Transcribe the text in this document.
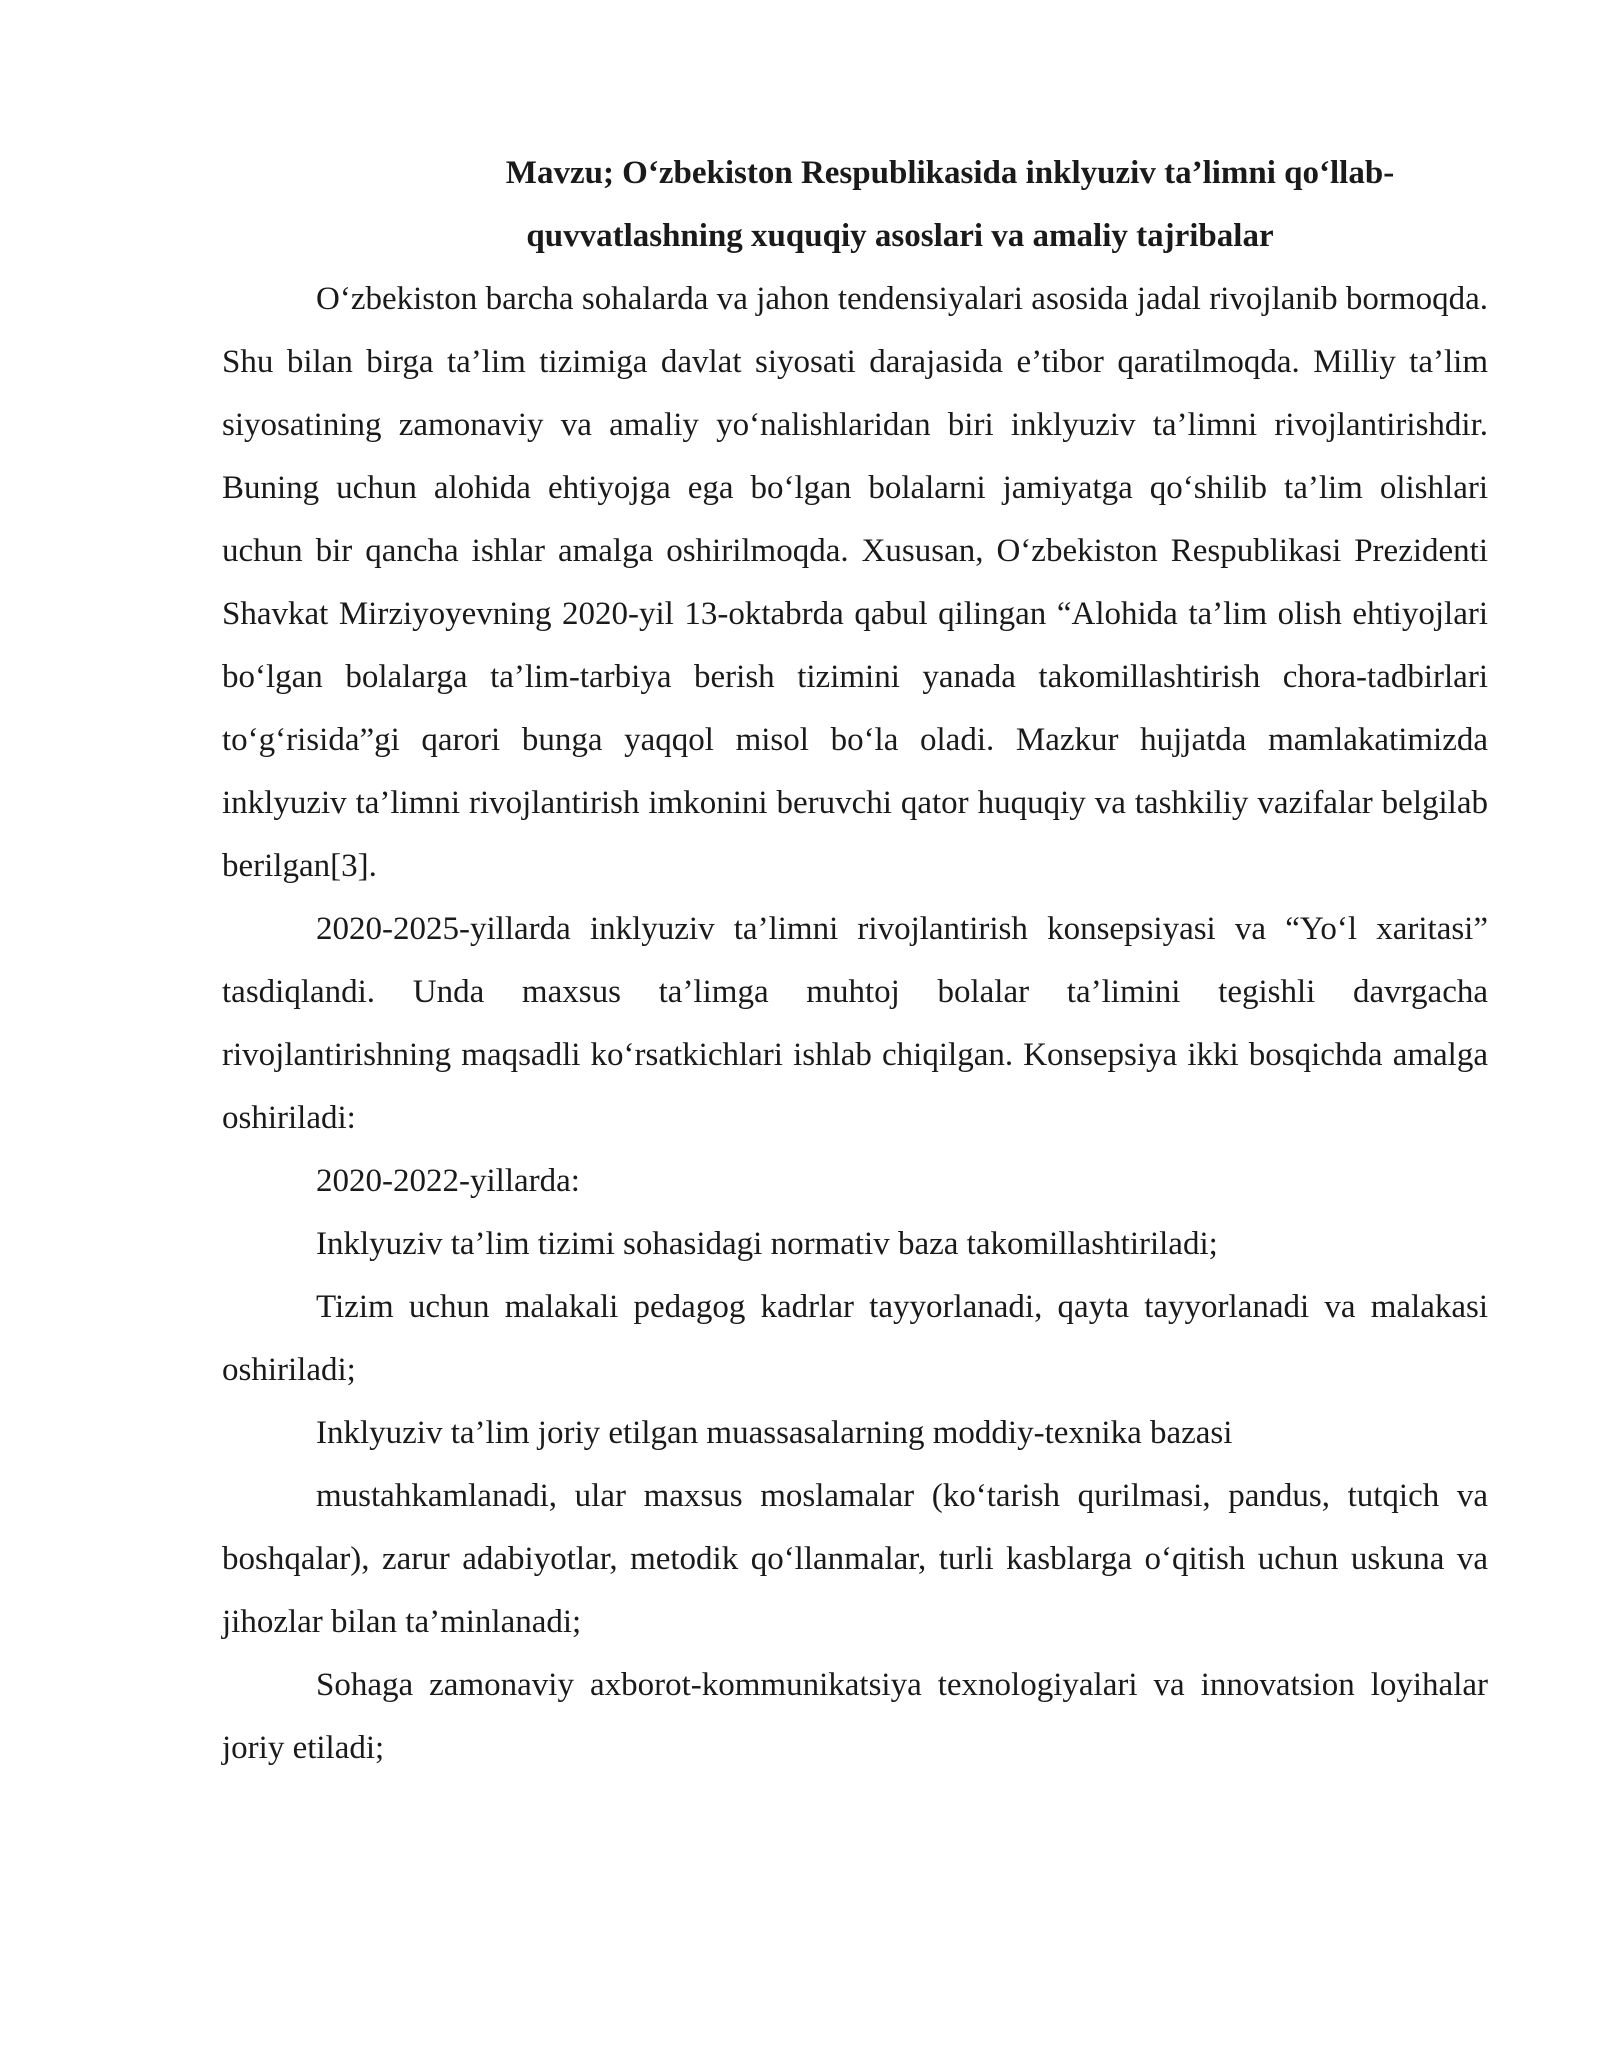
Mavzu; O‘zbekiston Respublikasida inklyuziv ta’limni qo‘llab-
quvvatlashning xuquqiy asoslari va amaliy tajribalar

O‘zbekiston barcha sohalarda va jahon tendensiyalari asosida jadal rivojlanib bormoqda. Shu bilan birga ta’lim tizimiga davlat siyosati darajasida e’tibor qaratilmoqda. Milliy ta’lim siyosatining zamonaviy va amaliy yo‘nalishlaridan biri inklyuziv ta’limni rivojlantirishdir. Buning uchun alohida ehtiyojga ega bo‘lgan bolalarni jamiyatga qo‘shilib ta’lim olishlari uchun bir qancha ishlar amalga oshirilmoqda. Xususan, O‘zbekiston Respublikasi Prezidenti Shavkat Mirziyoyevning 2020-yil 13-oktabrda qabul qilingan “Alohida ta’lim olish ehtiyojlari bo‘lgan bolalarga ta’lim-tarbiya berish tizimini yanada takomillashtirish chora-tadbirlari to‘g‘risida”gi qarori bunga yaqqol misol bo‘la oladi. Mazkur hujjatda mamlakatimizda inklyuziv ta’limni rivojlantirish imkonini beruvchi qator huquqiy va tashkiliy vazifalar belgilab berilgan[3].

2020-2025-yillarda inklyuziv ta’limni rivojlantirish konsepsiyasi va “Yo‘l xaritasi” tasdiqlandi. Unda maxsus ta’limga muhtoj bolalar ta’limini tegishli davrgacha rivojlantirishning maqsadli ko‘rsatkichlari ishlab chiqilgan. Konsepsiya ikki bosqichda amalga oshiriladi:

2020-2022-yillarda:

Inklyuziv ta’lim tizimi sohasidagi normativ baza takomillashtiriladi;

Tizim uchun malakali pedagog kadrlar tayyorlanadi, qayta tayyorlanadi va malakasi oshiriladi;

Inklyuziv ta’lim joriy etilgan muassasalarning moddiy-texnika bazasi

mustahkamlanadi, ular maxsus moslamalar (ko‘tarish qurilmasi, pandus, tutqich va boshqalar), zarur adabiyotlar, metodik qo‘llanmalar, turli kasblarga o‘qitish uchun uskuna va jihozlar bilan ta’minlanadi;

Sohaga zamonaviy axborot-kommunikatsiya texnologiyalari va innovatsion loyihalar joriy etiladi;
